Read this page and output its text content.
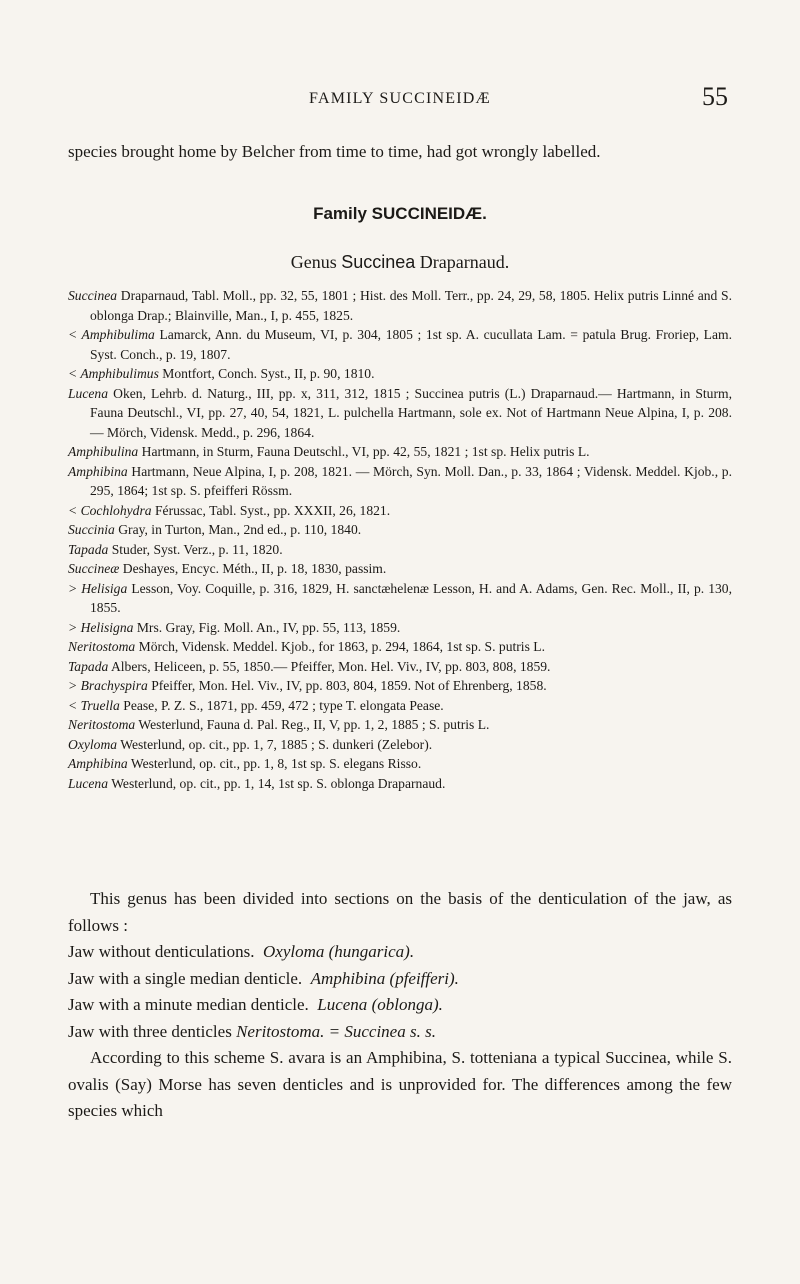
FAMILY SUCCINEIDÆ	55
species brought home by Belcher from time to time, had got wrongly labelled.
Family SUCCINEIDÆ.
Genus Succinea Draparnaud.
Succinea Draparnaud, Tabl. Moll., pp. 32, 55, 1801 ; Hist. des Moll. Terr., pp. 24, 29, 58, 1805. Helix putris Linné and S. oblonga Drap.; Blainville, Man., I, p. 455, 1825.
< Amphibulima Lamarck, Ann. du Museum, VI, p. 304, 1805 ; 1st sp. A. cucullata Lam. = patula Brug. Froriep, Lam. Syst. Conch., p. 19, 1807.
< Amphibulimus Montfort, Conch. Syst., II, p. 90, 1810.
Lucena Oken, Lehrb. d. Naturg., III, pp. x, 311, 312, 1815 ; Succinea putris (L.) Draparnaud.— Hartmann, in Sturm, Fauna Deutschl., VI, pp. 27, 40, 54, 1821, L. pulchella Hartmann, sole ex. Not of Hartmann Neue Alpina, I, p. 208. — Mörch, Vidensk. Medd., p. 296, 1864.
Amphibulina Hartmann, in Sturm, Fauna Deutschl., VI, pp. 42, 55, 1821 ; 1st sp. Helix putris L.
Amphibina Hartmann, Neue Alpina, I, p. 208, 1821. — Mörch, Syn. Moll. Dan., p. 33, 1864 ; Vidensk. Meddel. Kjob., p. 295, 1864; 1st sp. S. pfeifferi Rössm.
< Cochlohydra Férussac, Tabl. Syst., pp. XXXII, 26, 1821.
Succinia Gray, in Turton, Man., 2nd ed., p. 110, 1840.
Tapada Studer, Syst. Verz., p. 11, 1820.
Succineæ Deshayes, Encyc. Méth., II, p. 18, 1830, passim.
> Helisiga Lesson, Voy. Coquille, p. 316, 1829, H. sanctæhelenæ Lesson, H. and A. Adams, Gen. Rec. Moll., II, p. 130, 1855.
> Helisigna Mrs. Gray, Fig. Moll. An., IV, pp. 55, 113, 1859.
Neritostoma Mörch, Vidensk. Meddel. Kjob., for 1863, p. 294, 1864, 1st sp. S. putris L.
Tapada Albers, Heliceen, p. 55, 1850.— Pfeiffer, Mon. Hel. Viv., IV, pp. 803, 808, 1859.
> Brachyspira Pfeiffer, Mon. Hel. Viv., IV, pp. 803, 804, 1859. Not of Ehrenberg, 1858.
< Truella Pease, P. Z. S., 1871, pp. 459, 472 ; type T. elongata Pease.
Neritostoma Westerlund, Fauna d. Pal. Reg., II, V, pp. 1, 2, 1885 ; S. putris L.
Oxyloma Westerlund, op. cit., pp. 1, 7, 1885 ; S. dunkeri (Zelebor).
Amphibina Westerlund, op. cit., pp. 1, 8, 1st sp. S. elegans Risso.
Lucena Westerlund, op. cit., pp. 1, 14, 1st sp. S. oblonga Draparnaud.

This genus has been divided into sections on the basis of the denticulation of the jaw, as follows :

Jaw without denticulations. Oxyloma (hungarica).

Jaw with a single median denticle. Amphibina (pfeifferi).

Jaw with a minute median denticle. Lucena (oblonga).

Jaw with three denticles Neritostoma. = Succinea s. s.

According to this scheme S. avara is an Amphibina, S. totteniana a typical Succinea, while S. ovalis (Say) Morse has seven denticles and is unprovided for. The differences among the few species which
